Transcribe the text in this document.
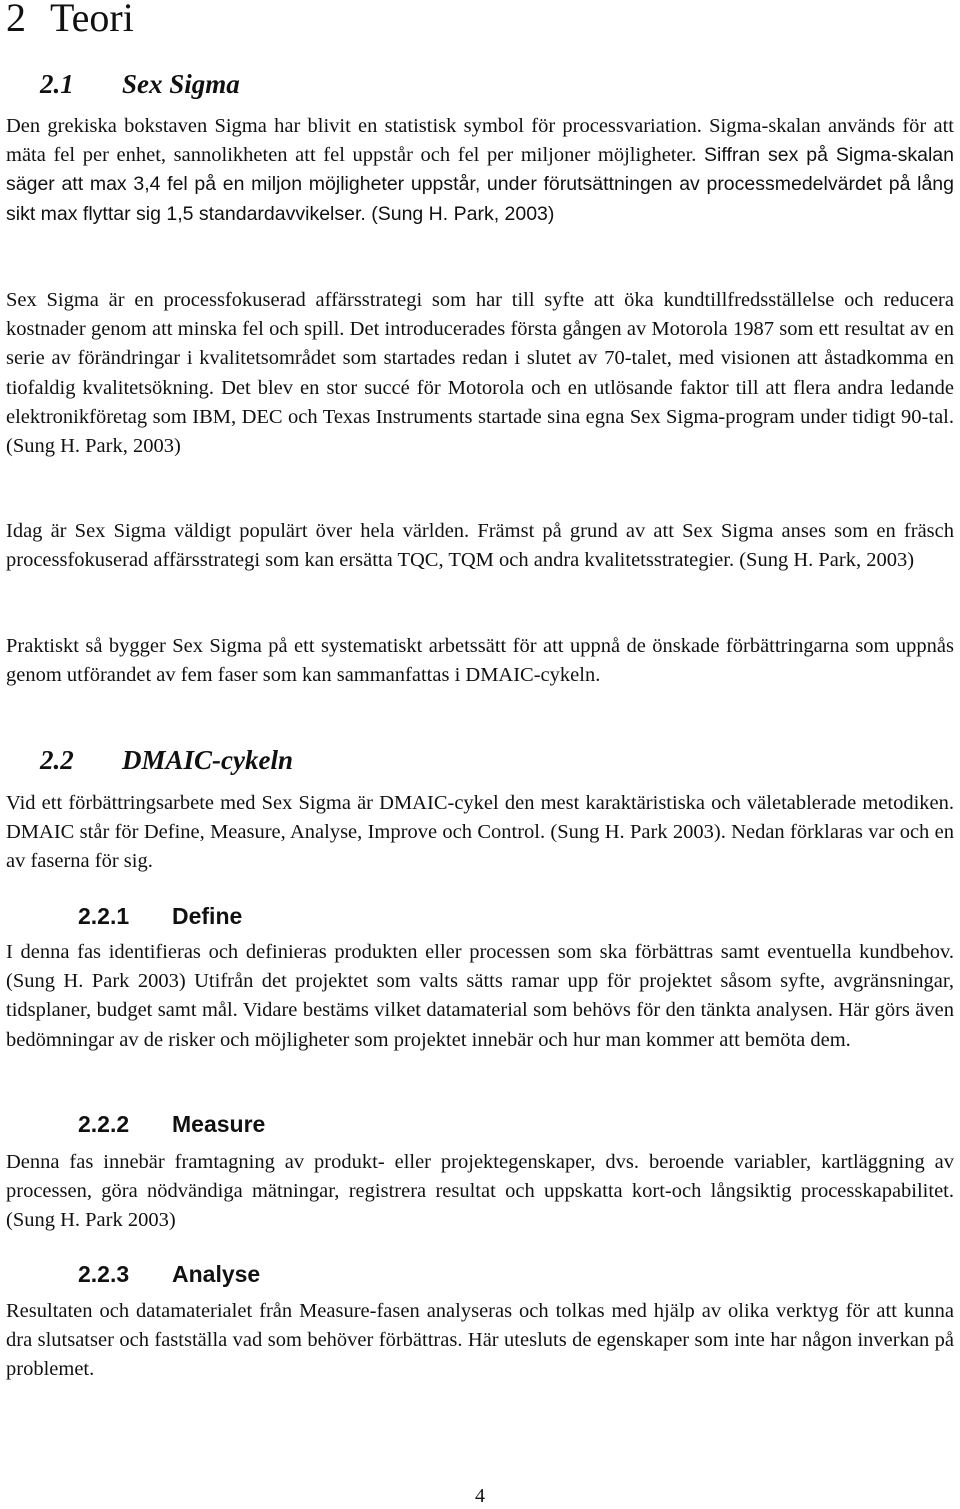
2 Teori
2.1 Sex Sigma

Den grekiska bokstaven Sigma har blivit en statistisk symbol för processvariation. Sigma-skalan används för att mäta fel per enhet, sannolikheten att fel uppstår och fel per miljoner möjligheter. Siffran sex på Sigma-skalan säger att max 3,4 fel på en miljon möjligheter uppstår, under förutsättningen av processmedelvärdet på lång sikt max flyttar sig 1,5 standardavvikelser. (Sung H. Park, 2003)

Sex Sigma är en processfokuserad affärsstrategi som har till syfte att öka kundtillfredsställelse och reducera kostnader genom att minska fel och spill. Det introducerades första gången av Motorola 1987 som ett resultat av en serie av förändringar i kvalitetsområdet som startades redan i slutet av 70-talet, med visionen att åstadkomma en tiofaldig kvalitetsökning. Det blev en stor succé för Motorola och en utlösande faktor till att flera andra ledande elektronikföretag som IBM, DEC och Texas Instruments startade sina egna Sex Sigma-program under tidigt 90-tal. (Sung H. Park, 2003)

Idag är Sex Sigma väldigt populärt över hela världen. Främst på grund av att Sex Sigma anses som en fräsch processfokuserad affärsstrategi som kan ersätta TQC, TQM och andra kvalitetsstrategier. (Sung H. Park, 2003)

Praktiskt så bygger Sex Sigma på ett systematiskt arbetssätt för att uppnå de önskade förbättringarna som uppnås genom utförandet av fem faser som kan sammanfattas i DMAIC-cykeln.

2.2 DMAIC-cykeln

Vid ett förbättringsarbete med Sex Sigma är DMAIC-cykel den mest karaktäristiska och väletablerade metodiken. DMAIC står för Define, Measure, Analyse, Improve och Control. (Sung H. Park 2003). Nedan förklaras var och en av faserna för sig.

2.2.1 Define

I denna fas identifieras och definieras produkten eller processen som ska förbättras samt eventuella kundbehov. (Sung H. Park 2003) Utifrån det projektet som valts sätts ramar upp för projektet såsom syfte, avgränsningar, tidsplaner, budget samt mål. Vidare bestäms vilket datamaterial som behövs för den tänkta analysen. Här görs även bedömningar av de risker och möjligheter som projektet innebär och hur man kommer att bemöta dem.

2.2.2 Measure

Denna fas innebär framtagning av produkt- eller projektegenskaper, dvs. beroende variabler, kartläggning av processen, göra nödvändiga mätningar, registrera resultat och uppskatta kort-och långsiktig processkapabilitet. (Sung H. Park 2003)

2.2.3 Analyse

Resultaten och datamaterialet från Measure-fasen analyseras och tolkas med hjälp av olika verktyg för att kunna dra slutsatser och fastställa vad som behöver förbättras. Här utesluts de egenskaper som inte har någon inverkan på problemet.

4
